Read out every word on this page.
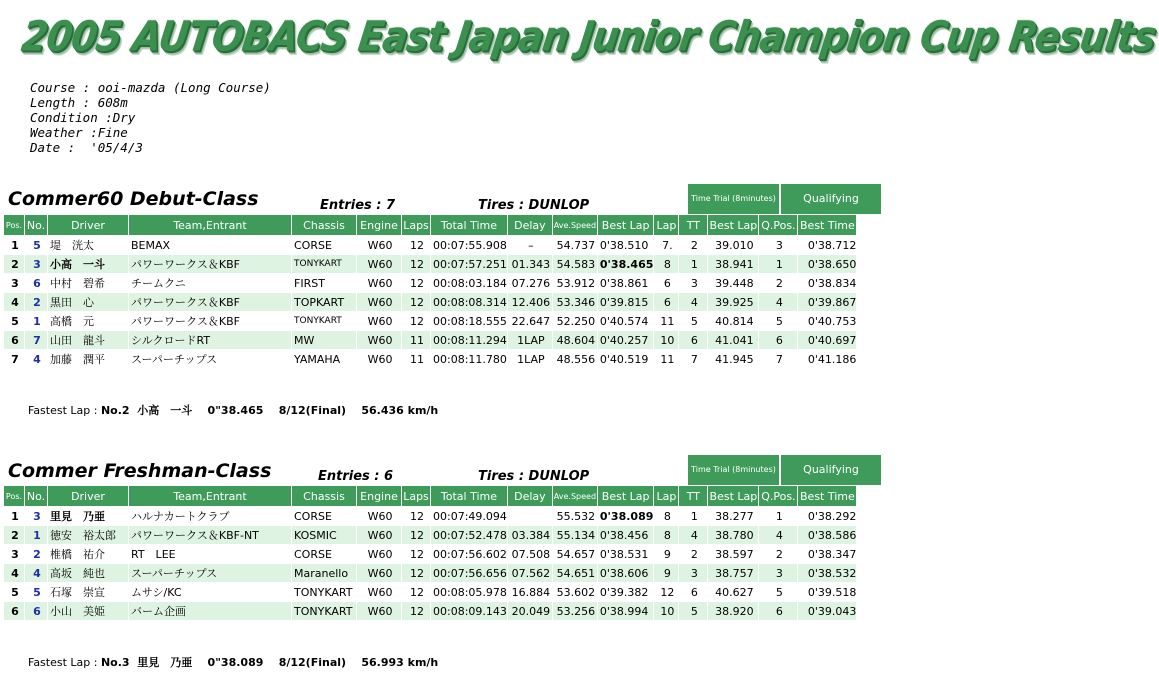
2005 AUTOBACS East Japan Junior Champion Cup Results
Course : ooi-mazda (Long Course)
Length : 608m
Condition :Dry
Weather :Fine
Date :  '05/4/3
Commer60 Debut-Class	Entries : 7	Tires : DUNLOP	Time Trial (8minutes)	Qualifying
Pos.	No.	Driver	Team,Entrant	Chassis	Engine	Laps	Total Time	Delay	Ave.Speed	Best Lap	Lap	TT	Best Lap	Q.Pos.	Best Time
1	5	堤　洸太	BEMAX	CORSE	W60	12	00:07:55.908	–	54.737	0'38.510	7.	2	39.010	3	0'38.712
2	3	小高　一斗	パワーワークス＆KBF	TONYKART	W60	12	00:07:57.251	01.343	54.583	0'38.465	8	1	38.941	1	0'38.650
3	6	中村　碧希	チームクニ	FIRST	W60	12	00:08:03.184	07.276	53.912	0'38.861	6	3	39.448	2	0'38.834
4	2	黒田　心	パワーワークス＆KBF	TOPKART	W60	12	00:08:08.314	12.406	53.346	0'39.815	6	4	39.925	4	0'39.867
5	1	高橋　元	パワーワークス＆KBF	TONYKART	W60	12	00:08:18.555	22.647	52.250	0'40.574	11	5	40.814	5	0'40.753
6	7	山田　龍斗	シルクロードRT	MW	W60	11	00:08:11.294	1LAP	48.604	0'40.257	10	6	41.041	6	0'40.697
7	4	加藤　潤平	スーパーチップス	YAMAHA	W60	11	00:08:11.780	1LAP	48.556	0'40.519	11	7	41.945	7	0'41.186
Fastest Lap : No.2  小高　一斗    0"38.465    8/12(Final)    56.436 km/h
Commer Freshman-Class	Entries : 6	Tires : DUNLOP	Time Trial (8minutes)	Qualifying
Pos.	No.	Driver	Team,Entrant	Chassis	Engine	Laps	Total Time	Delay	Ave.Speed	Best Lap	Lap	TT	Best Lap	Q.Pos.	Best Time
1	3	里見　乃亜	ハルナカートクラブ	CORSE	W60	12	00:07:49.094		55.532	0'38.089	8	1	38.277	1	0'38.292
2	1	徳安　裕太郎	パワーワークス＆KBF-NT	KOSMIC	W60	12	00:07:52.478	03.384	55.134	0'38.456	8	4	38.780	4	0'38.586
3	2	椎橋　祐介	RT　LEE	CORSE	W60	12	00:07:56.602	07.508	54.657	0'38.531	9	2	38.597	2	0'38.347
4	4	高坂　純也	スーパーチップス	Maranello	W60	12	00:07:56.656	07.562	54.651	0'38.606	9	3	38.757	3	0'38.532
5	5	石塚　崇宣	ムサシ/KC	TONYKART	W60	12	00:08:05.978	16.884	53.602	0'39.382	12	6	40.627	5	0'39.518
6	6	小山　美姫	バーム企画	TONYKART	W60	12	00:08:09.143	20.049	53.256	0'38.994	10	5	38.920	6	0'39.043
Fastest Lap : No.3  里見　乃亜    0"38.089    8/12(Final)    56.993 km/h
